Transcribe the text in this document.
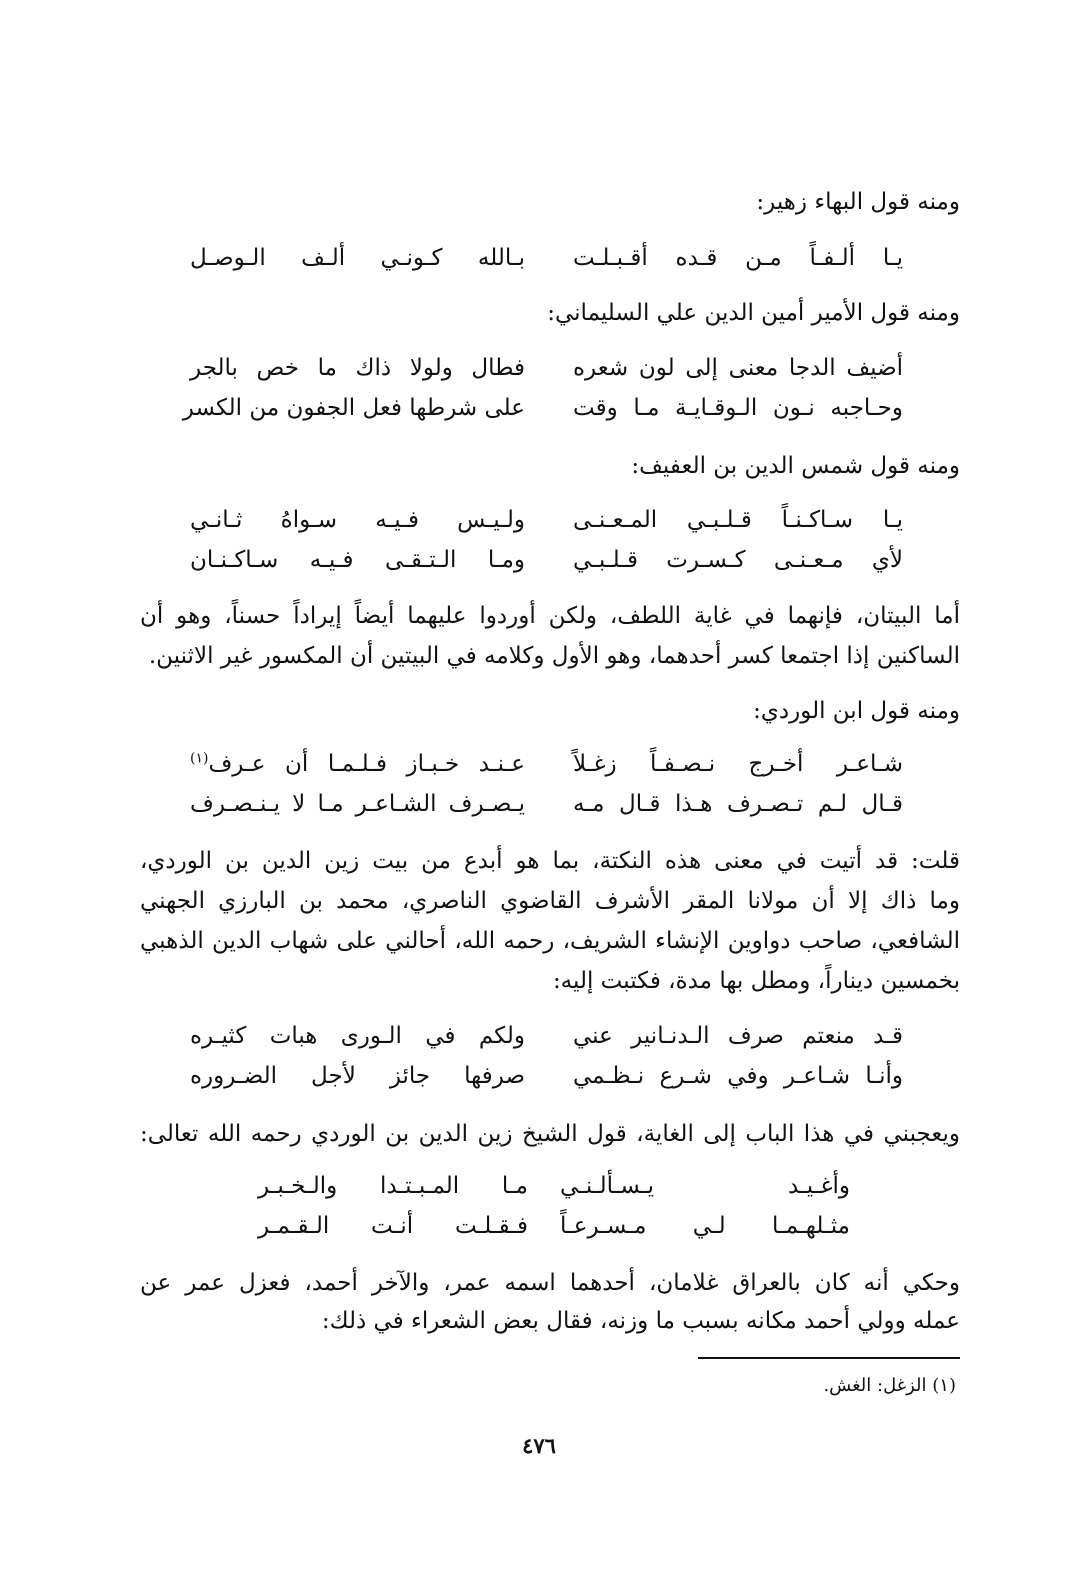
ومنه قول البهاء زهير:
يـا ألـفـاً مـن قـده أقـبـلـت
بـالله كـونـي ألـف الـوصـل
ومنه قول الأمير أمين الدين علي السليماني:
أضيف الدجا معنى إلى لون شعره
فطال ولولا ذاك ما خص بالجر
وحـاجبه نـون الـوقـايـة مـا وقت
على شرطها فعل الجفون من الكسر
ومنه قول شمس الدين بن العفيف:
يـا سـاكـنـاً قـلـبـي المـعـنـى
ولـيـس فـيـه سـواهُ ثـانـي
لأي مـعـنـى كـسـرت قـلـبـي
ومـا الـتـقـى فـيـه سـاكـنـان
أما البيتان، فإنهما في غاية اللطف، ولكن أوردوا عليهما أيضاً إيراداً حسناً، وهو أن
الساكنين إذا اجتمعا كسر أحدهما، وهو الأول وكلامه في البيتين أن المكسور غير الاثنين.
ومنه قول ابن الوردي:
شـاعـر أخـرج نـصـفـاً زغـلاً
عـنـد خـبـاز فـلـمـا أن عـرف$^{(١)}$
قـال لـم تـصـرف هـذا قـال مـه
يـصـرف الشـاعـر مـا لا يـنـصـرف
قلت: قد أتيت في معنى هذه النكتة، بما هو أبدع من بيت زين الدين بن الوردي،
وما ذاك إلا أن مولانا المقر الأشرف القاضوي الناصري، محمد بن البارزي الجهني
الشافعي، صاحب دواوين الإنشاء الشريف، رحمه الله، أحالني على شهاب الدين الذهبي
بخمسين ديناراً، ومطل بها مدة، فكتبت إليه:
قـد منعتم صرف الـدنـانير عني
ولكم في الـورى هبات كثيـره
وأنـا شـاعـر وفي شـرع نـظـمي
صرفها جائز لأجل الضـروره
ويعجبني في هذا الباب إلى الغاية، قول الشيخ زين الدين بن الوردي رحمه الله تعالى:
وأغـيـد يـسـألـنـي
مـا المـبـتـدا والـخـبـر
مثـلهـمـا لـي مـسـرعـاً
فـقـلـت أنـت الـقـمـر
وحكي أنه كان بالعراق غلامان، أحدهما اسمه عمر، والآخر أحمد، فعزل عمر عن
عمله وولي أحمد مكانه بسبب ما وزنه، فقال بعض الشعراء في ذلك:
(١) الزغل: الغش.
٤٧٦
